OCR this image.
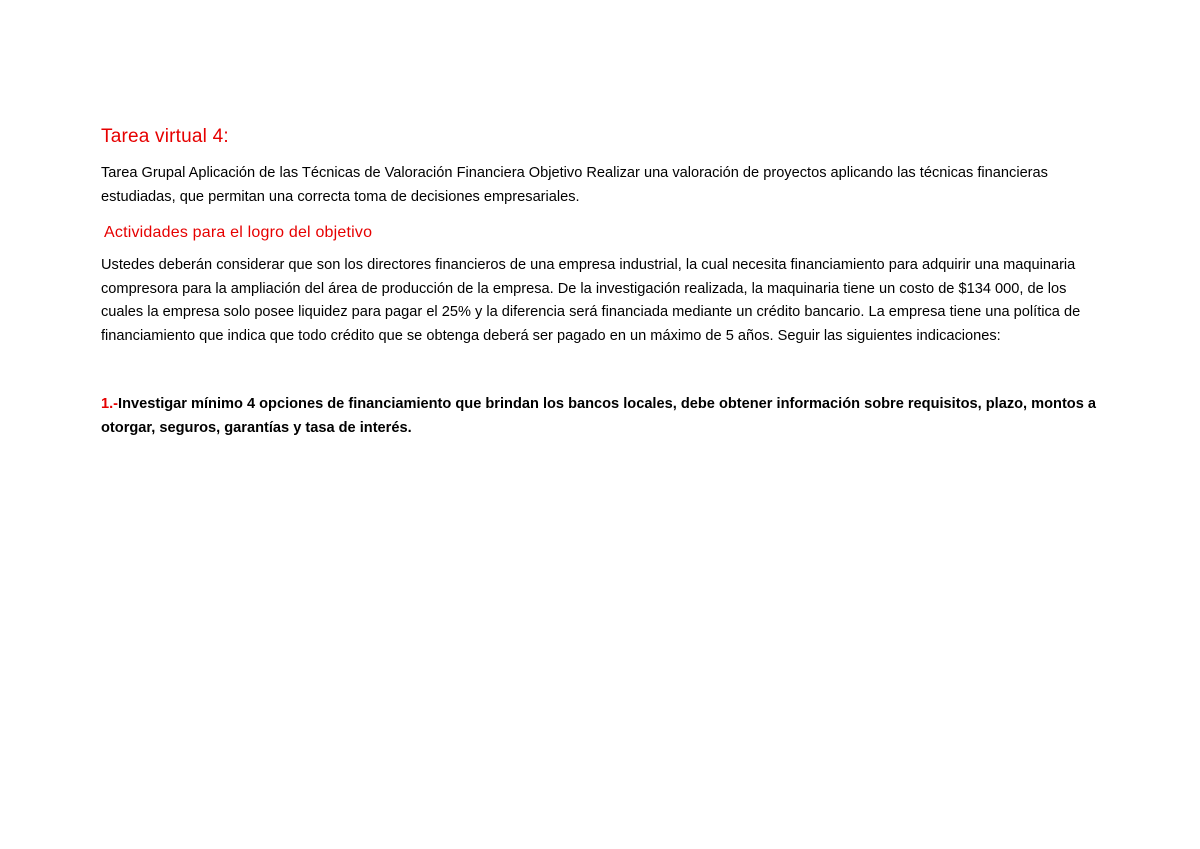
Tarea virtual 4:

Tarea Grupal Aplicación de las Técnicas de Valoración Financiera Objetivo Realizar una valoración de proyectos aplicando las técnicas financieras estudiadas, que permitan una correcta toma de decisiones empresariales.

Actividades para el logro del objetivo

Ustedes deberán considerar que son los directores financieros de una empresa industrial, la cual necesita financiamiento para adquirir una maquinaria compresora para la ampliación del área de producción de la empresa. De la investigación realizada, la maquinaria tiene un costo de $134 000, de los cuales la empresa solo posee liquidez para pagar el 25% y la diferencia será financiada mediante un crédito bancario. La empresa tiene una política de financiamiento que indica que todo crédito que se obtenga deberá ser pagado en un máximo de 5 años. Seguir las siguientes indicaciones:

1.-Investigar mínimo 4 opciones de financiamiento que brindan los bancos locales, debe obtener información sobre requisitos, plazo, montos a otorgar, seguros, garantías y tasa de interés.
